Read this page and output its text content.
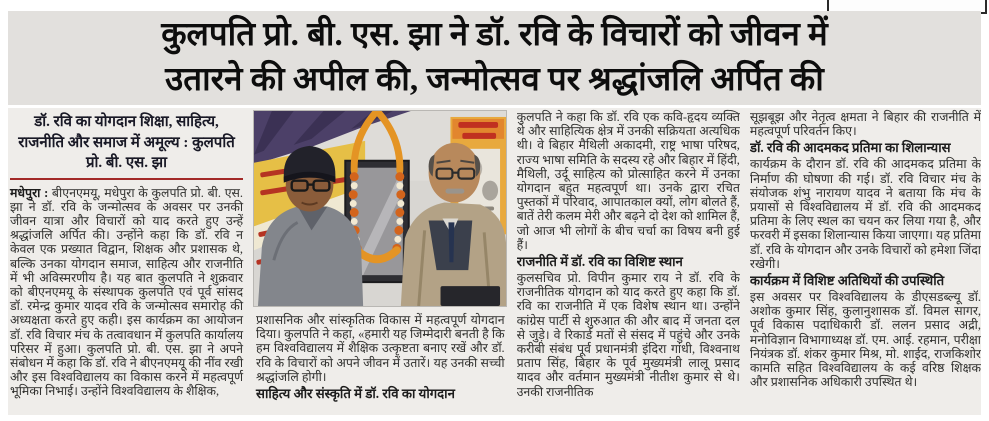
कुलपति प्रो. बी. एस. झा ने डॉ. रवि के विचारों को जीवन में
उतारने की अपील की, जन्मोत्सव पर श्रद्धांजलि अर्पित की
डॉ. रवि का योगदान शिक्षा, साहित्य, राजनीति और समाज में अमूल्य : कुलपति प्रो. बी. एस. झा

मधेपुरा : बीएनएमयू, मधेपुरा के कुलपति प्रो. बी. एस. झा ने डॉ. रवि के जन्मोत्सव के अवसर पर उनकी जीवन यात्रा और विचारों को याद करते हुए उन्हें श्रद्धांजलि अर्पित की। उन्होंने कहा कि डॉ. रवि न केवल एक प्रख्यात विद्वान, शिक्षक और प्रशासक थे, बल्कि उनका योगदान समाज, साहित्य और राजनीति में भी अविस्मरणीय है। यह बात कुलपति ने शुक्रवार को बीएनएमयू के संस्थापक कुलपति एवं पूर्व सांसद डॉ. रमेन्द्र कुमार यादव रवि के जन्मोत्सव समारोह की अध्यक्षता करते हुए कही। इस कार्यक्रम का आयोजन डॉ. रवि विचार मंच के तत्वावधान में कुलपति कार्यालय परिसर में हुआ। कुलपति प्रो. बी. एस. झा ने अपने संबोधन में कहा कि डॉ. रवि ने बीएनएमयू की नींव रखी और इस विश्वविद्यालय का विकास करने में महत्वपूर्ण भूमिका निभाई। उन्होंने विश्वविद्यालय के शैक्षिक,

प्रशासनिक और सांस्कृतिक विकास में महत्वपूर्ण योगदान दिया। कुलपति ने कहा, «हमारी यह जिम्मेदारी बनती है कि हम विश्वविद्यालय में शैक्षिक उत्कृष्टता बनाए रखें और डॉ. रवि के विचारों को अपने जीवन में उतारें। यह उनकी सच्ची श्रद्धांजलि होगी।

साहित्य और संस्कृति में डॉ. रवि का योगदान

कुलपति ने कहा कि डॉ. रवि एक कवि-हृदय व्यक्ति थे और साहित्यिक क्षेत्र में उनकी सक्रियता अत्यधिक थी। वे बिहार मैथिली अकादमी, राष्ट्र भाषा परिषद, राज्य भाषा समिति के सदस्य रहे और बिहार में हिंदी, मैथिली, उर्दू साहित्य को प्रोत्साहित करने में उनका योगदान बहुत महत्वपूर्ण था। उनके द्वारा रचित पुस्तकों में परिवाद, आपातकाल क्यों, लोग बोलते हैं, बातें तेरी कलम मेरी और बढ़ने दो देश को शामिल हैं, जो आज भी लोगों के बीच चर्चा का विषय बनी हुई हैं।

राजनीति में डॉ. रवि का विशिष्ट स्थान

कुलसचिव प्रो. विपीन कुमार राय ने डॉ. रवि के राजनीतिक योगदान को याद करते हुए कहा कि डॉ. रवि का राजनीति में एक विशेष स्थान था। उन्होंने कांग्रेस पार्टी से शुरुआत की और बाद में जनता दल से जुड़े। वे रिकार्ड मतों से संसद में पहुंचे और उनके करीबी संबंध पूर्व प्रधानमंत्री इंदिरा गांधी, विश्वनाथ प्रताप सिंह, बिहार के पूर्व मुख्यमंत्री लालू प्रसाद यादव और वर्तमान मुख्यमंत्री नीतीश कुमार से थे। उनकी राजनीतिक

सूझबूझ और नेतृत्व क्षमता ने बिहार की राजनीति में महत्वपूर्ण परिवर्तन किए।

डॉ. रवि की आदमकद प्रतिमा का शिलान्यास

कार्यक्रम के दौरान डॉ. रवि की आदमकद प्रतिमा के निर्माण की घोषणा की गई। डॉ. रवि विचार मंच के संयोजक शंभु नारायण यादव ने बताया कि मंच के प्रयासों से विश्वविद्यालय में डॉ. रवि की आदमकद प्रतिमा के लिए स्थल का चयन कर लिया गया है, और फरवरी में इसका शिलान्यास किया जाएगा। यह प्रतिमा डॉ. रवि के योगदान और उनके विचारों को हमेशा जिंदा रखेगी।

कार्यक्रम में विशिष्ट अतिथियों की उपस्थिति

इस अवसर पर विश्वविद्यालय के डीएसडब्ल्यू डॉ. अशोक कुमार सिंह, कुलानुशासक डॉ. विमल सागर, पूर्व विकास पदाधिकारी डॉ. ललन प्रसाद अद्री, मनोविज्ञान विभागाध्यक्ष डॉ. एम. आई. रहमान, परीक्षा नियंत्रक डॉ. शंकर कुमार मिश्र, मो. शाईद, राजकिशोर कामति सहित विश्वविद्यालय के कई वरिष्ठ शिक्षक और प्रशासनिक अधिकारी उपस्थित थे।
